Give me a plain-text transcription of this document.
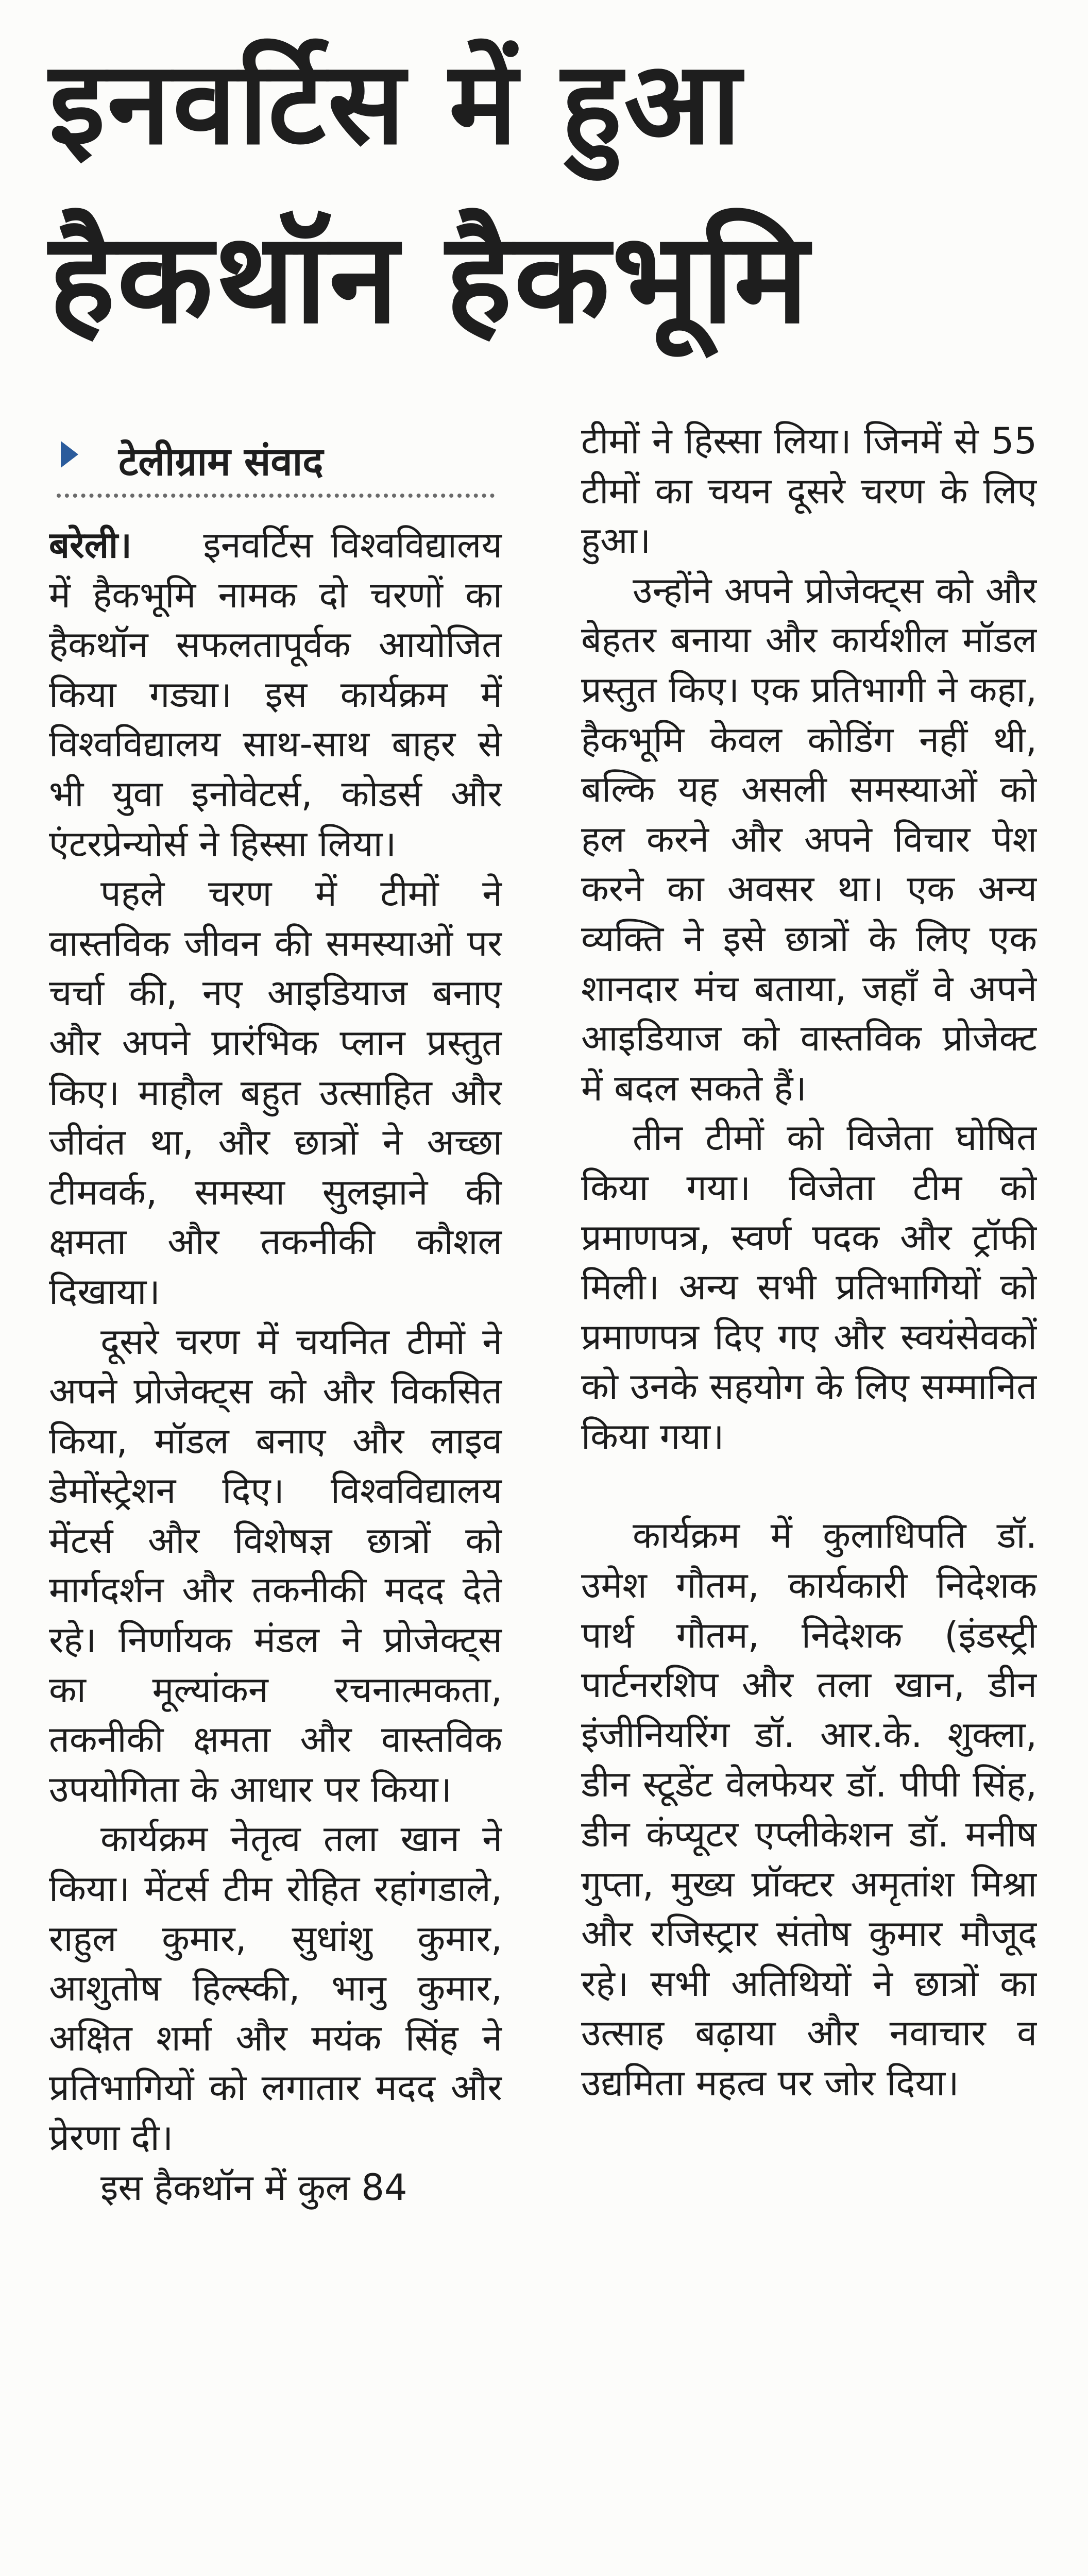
इनवर्टिस में हुआ
हैकथॉन हैकभूमि
टेलीग्राम संवाद

बरेली। इनवर्टिस विश्वविद्यालय में हैकभूमि नामक दो चरणों का हैकथॉन सफलतापूर्वक आयोजित किया गड्या। इस कार्यक्रम में विश्वविद्यालय साथ-साथ बाहर से भी युवा इनोवेटर्स, कोडर्स और एंटरप्रेन्योर्स ने हिस्सा लिया।

पहले चरण में टीमों ने वास्तविक जीवन की समस्याओं पर चर्चा की, नए आइडियाज बनाए और अपने प्रारंभिक प्लान प्रस्तुत किए। माहौल बहुत उत्साहित और जीवंत था, और छात्रों ने अच्छा टीमवर्क, समस्या सुलझाने की क्षमता और तकनीकी कौशल दिखाया।

दूसरे चरण में चयनित टीमों ने अपने प्रोजेक्ट्स को और विकसित किया, मॉडल बनाए और लाइव डेमोंस्ट्रेशन दिए। विश्वविद्यालय मेंटर्स और विशेषज्ञ छात्रों को मार्गदर्शन और तकनीकी मदद देते रहे। निर्णायक मंडल ने प्रोजेक्ट्स का मूल्यांकन रचनात्मकता, तकनीकी क्षमता और वास्तविक उपयोगिता के आधार पर किया।

कार्यक्रम नेतृत्व तला खान ने किया। मेंटर्स टीम रोहित रहांगडाले, राहुल कुमार, सुधांशु कुमार, आशुतोष हिल्स्की, भानु कुमार, अक्षित शर्मा और मयंक सिंह ने प्रतिभागियों को लगातार मदद और प्रेरणा दी।

इस हैकथॉन में कुल 84

टीमों ने हिस्सा लिया। जिनमें से 55 टीमों का चयन दूसरे चरण के लिए हुआ।

उन्होंने अपने प्रोजेक्ट्स को और बेहतर बनाया और कार्यशील मॉडल प्रस्तुत किए। एक प्रतिभागी ने कहा, हैकभूमि केवल कोडिंग नहीं थी, बल्कि यह असली समस्याओं को हल करने और अपने विचार पेश करने का अवसर था। एक अन्य व्यक्ति ने इसे छात्रों के लिए एक शानदार मंच बताया, जहाँ वे अपने आइडियाज को वास्तविक प्रोजेक्ट में बदल सकते हैं।

तीन टीमों को विजेता घोषित किया गया। विजेता टीम को प्रमाणपत्र, स्वर्ण पदक और ट्रॉफी मिली। अन्य सभी प्रतिभागियों को प्रमाणपत्र दिए गए और स्वयंसेवकों को उनके सहयोग के लिए सम्मानित किया गया।

कार्यक्रम में कुलाधिपति डॉ. उमेश गौतम, कार्यकारी निदेशक पार्थ गौतम, निदेशक (इंडस्ट्री पार्टनरशिप और तला खान, डीन इंजीनियरिंग डॉ. आर.के. शुक्ला, डीन स्टूडेंट वेलफेयर डॉ. पीपी सिंह, डीन कंप्यूटर एप्लीकेशन डॉ. मनीष गुप्ता, मुख्य प्रॉक्टर अमृतांश मिश्रा और रजिस्ट्रार संतोष कुमार मौजूद रहे। सभी अतिथियों ने छात्रों का उत्साह बढ़ाया और नवाचार व उद्यमिता महत्व पर जोर दिया।
